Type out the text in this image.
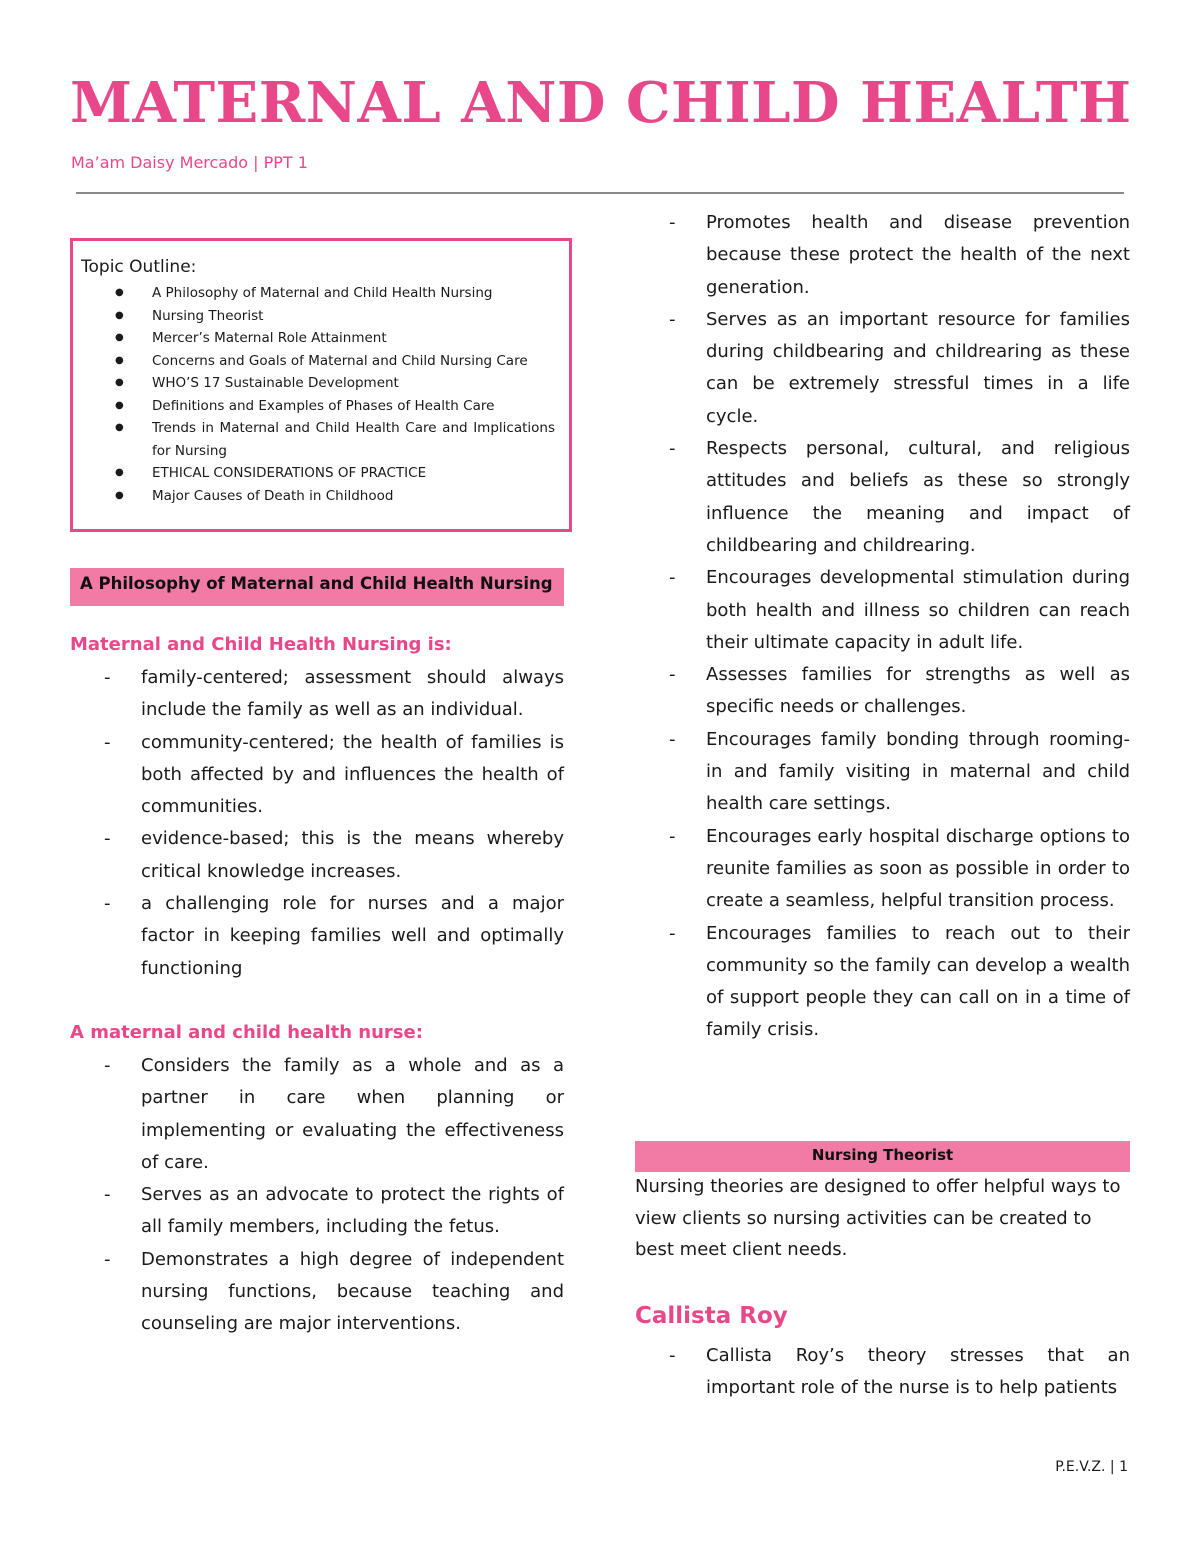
MATERNAL AND CHILD HEALTH

Ma’am Daisy Mercado | PPT 1

Topic Outline:

● A Philosophy of Maternal and Child Health Nursing
● Nursing Theorist
● Mercer’s Maternal Role Attainment
● Concerns and Goals of Maternal and Child Nursing Care
● WHO’S 17 Sustainable Development
● Definitions and Examples of Phases of Health Care
● Trends in Maternal and Child Health Care and Implications for Nursing
● ETHICAL CONSIDERATIONS OF PRACTICE
● Major Causes of Death in Childhood
A Philosophy of Maternal and Child Health Nursing

Maternal and Child Health Nursing is:

- family-centered; assessment should always include the family as well as an individual.
- community-centered; the health of families is both affected by and influences the health of communities.
- evidence-based; this is the means whereby critical knowledge increases.
- a challenging role for nurses and a major factor in keeping families well and optimally functioning

A maternal and child health nurse:

- Considers the family as a whole and as a partner in care when planning or implementing or evaluating the effectiveness of care.
- Serves as an advocate to protect the rights of all family members, including the fetus.
- Demonstrates a high degree of independent nursing functions, because teaching and counseling are major interventions.
- Promotes health and disease prevention because these protect the health of the next generation.
- Serves as an important resource for families during childbearing and childrearing as these can be extremely stressful times in a life cycle.
- Respects personal, cultural, and religious attitudes and beliefs as these so strongly influence the meaning and impact of childbearing and childrearing.
- Encourages developmental stimulation during both health and illness so children can reach their ultimate capacity in adult life.
- Assesses families for strengths as well as specific needs or challenges.
- Encourages family bonding through rooming-in and family visiting in maternal and child health care settings.
- Encourages early hospital discharge options to reunite families as soon as possible in order to create a seamless, helpful transition process.
- Encourages families to reach out to their community so the family can develop a wealth of support people they can call on in a time of family crisis.
Nursing Theorist

Nursing theories are designed to offer helpful ways to view clients so nursing activities can be created to best meet client needs.

Callista Roy

- Callista Roy’s theory stresses that an important role of the nurse is to help patients

P.E.V.Z. | 1
